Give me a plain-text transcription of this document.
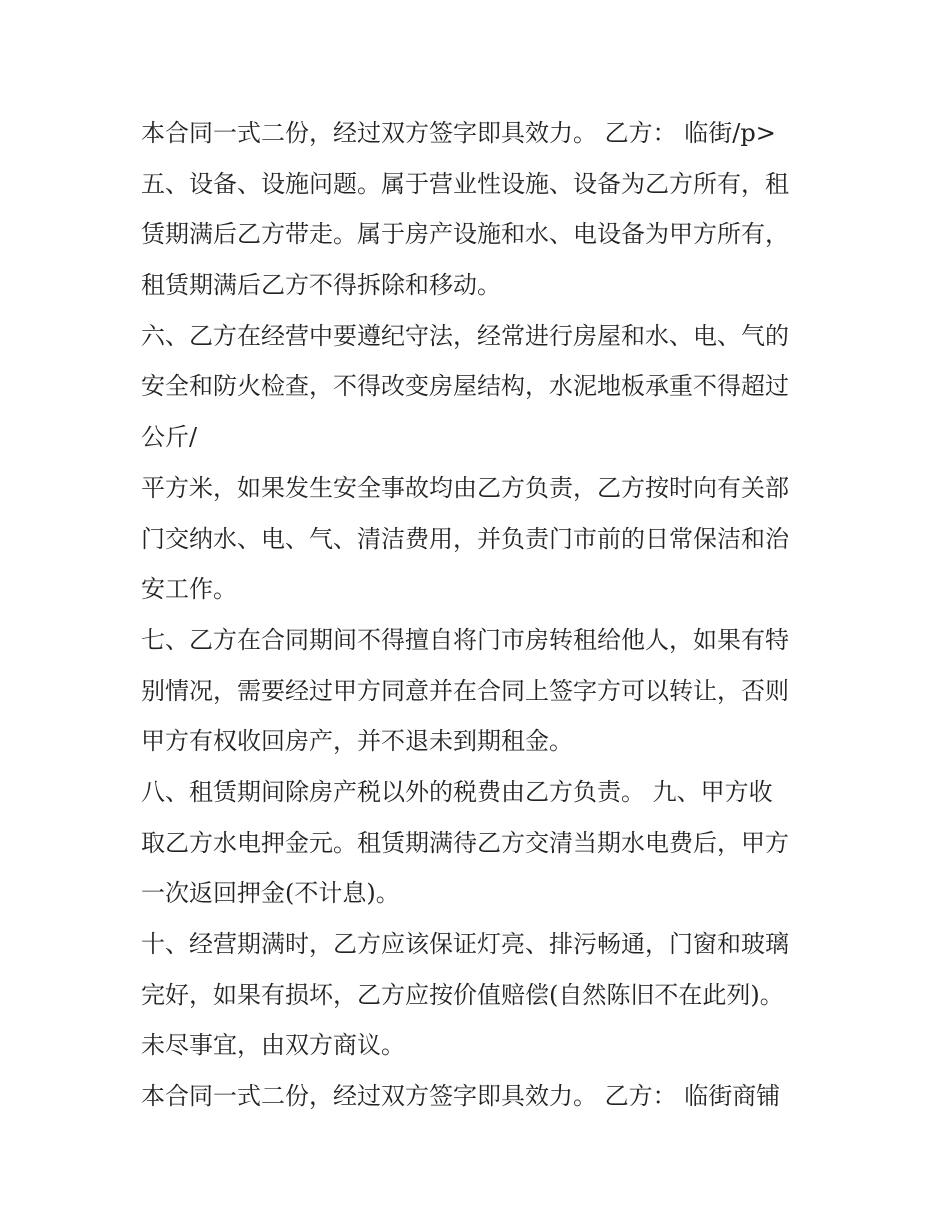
本合同一式二份，经过双方签字即具效力。 乙方： 临街/p>

五、设备、设施问题。属于营业性设施、设备为乙方所有，租
赁期满后乙方带走。属于房产设施和水、电设备为甲方所有，
租赁期满后乙方不得拆除和移动。

六、乙方在经营中要遵纪守法，经常进行房屋和水、电、气的
安全和防火检查，不得改变房屋结构，水泥地板承重不得超过
公斤/

平方米，如果发生安全事故均由乙方负责，乙方按时向有关部
门交纳水、电、气、清洁费用，并负责门市前的日常保洁和治
安工作。

七、乙方在合同期间不得擅自将门市房转租给他人，如果有特
别情况，需要经过甲方同意并在合同上签字方可以转让，否则
甲方有权收回房产，并不退未到期租金。

八、租赁期间除房产税以外的税费由乙方负责。 九、甲方收
取乙方水电押金元。租赁期满待乙方交清当期水电费后，甲方
一次返回押金(不计息)。

十、经营期满时，乙方应该保证灯亮、排污畅通，门窗和玻璃
完好，如果有损坏，乙方应按价值赔偿(自然陈旧不在此列)。

未尽事宜，由双方商议。

本合同一式二份，经过双方签字即具效力。 乙方： 临街商铺
